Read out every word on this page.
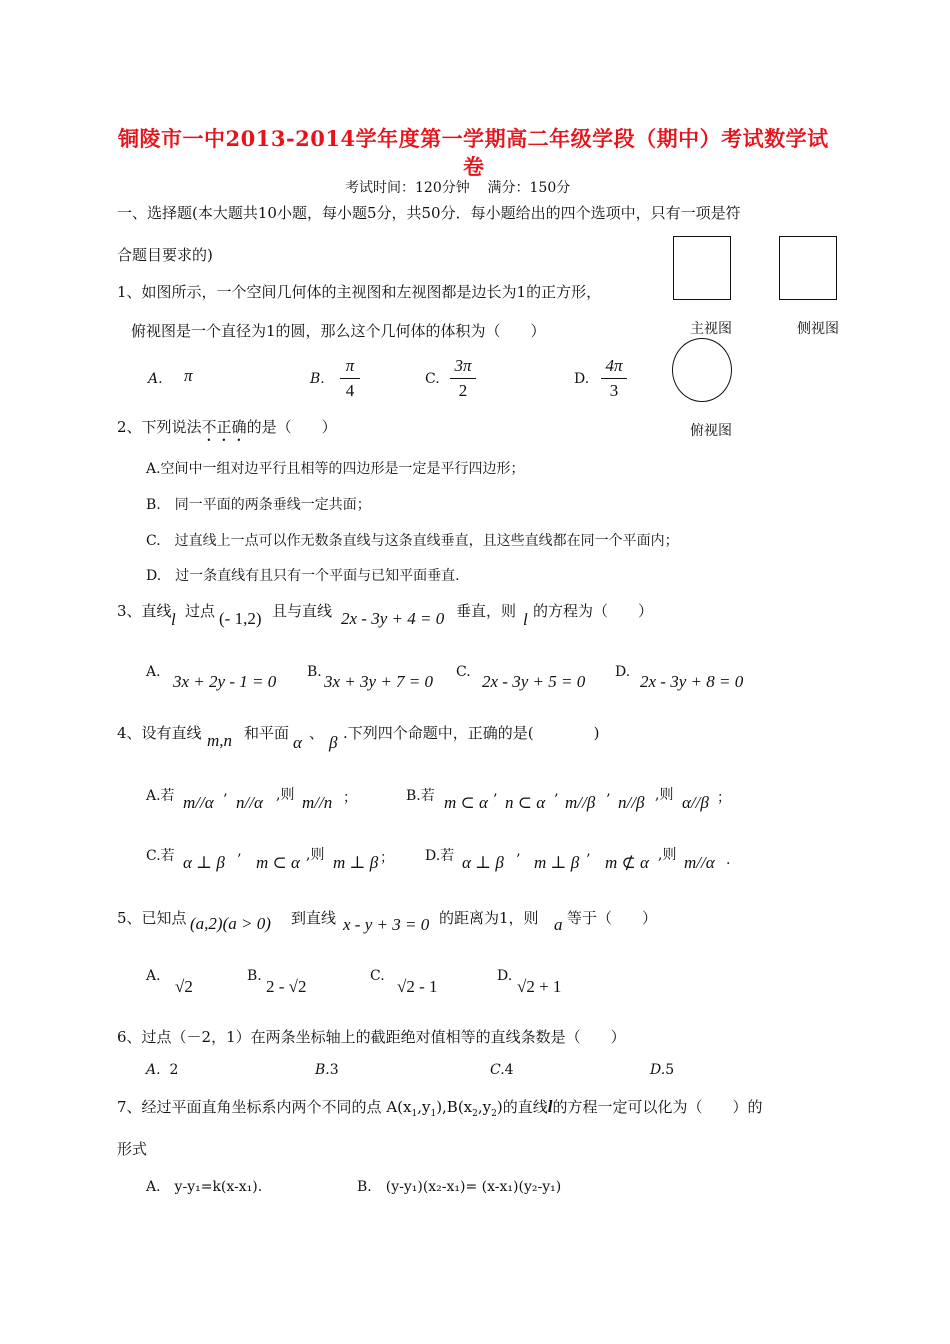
铜陵市一中2013-2014学年度第一学期高二年级学段（期中）考试数学试
卷
考试时间：120分钟    满分：150分
一、选择题(本大题共10小题，每小题5分，共50分．每小题给出的四个选项中，只有一项是符
合题目要求的)
主视图	侧视图
俯视图
1、如图所示，一个空间几何体的主视图和左视图都是边长为1的正方形，
俯视图是一个直径为1的圆，那么这个几何体的体积为（　　）
A. π	B.
π
4
C.
3π
2
D.
4π
3
2、下列说法不正确的是（　　）
A.空间中一组对边平行且相等的四边形是一定是平行四边形；
B.　同一平面的两条垂线一定共面；
C.　过直线上一点可以作无数条直线与这条直线垂直，且这些直线都在同一个平面内；
D.　过一条直线有且只有一个平面与已知平面垂直.
3、直线 l 过点 (- 1,2) 且与直线 2x - 3y + 4 = 0 垂直，则 l 的方程为（　　）
A. 3x + 2y - 1 = 0 B. 3x + 3y + 7 = 0 C. 2x - 3y + 5 = 0 D. 2x - 3y + 8 = 0
4、设有直线 m,n 和平面 α 、 β .下列四个命题中，正确的是(　　　　)
A.若 m//α ’ n//α ,则 m//n ；	B.若 m ⊂ α ’ n ⊂ α ’ m//β ’ n//β ,则 α//β ；
C.若 α ⊥ β ’ m ⊂ α ,则 m ⊥ β ； D.若 α ⊥ β ’ m ⊥ β ’ m ⊄ α ,则 m//α .
5、已知点 (a,2)(a > 0) 到直线 x - y + 3 = 0 的距离为1，则 a 等于（　　）
A.
√2
B.
2 - √2
C.
√2 - 1
D.
√2 + 1
6、过点（－2，1）在两条坐标轴上的截距绝对值相等的直线条数是（　　）
A. 2	B.3	C.4	D.5
7、经过平面直角坐标系内两个不同的点 $A(x_1,y_1),B(x_2,y_2)$的直线l的方程一定可以化为（　　）的
形式
A.　y-y₁=k(x-x₁).	B.　(y-y₁)(x₂-x₁)= (x-x₁)(y₂-y₁)
